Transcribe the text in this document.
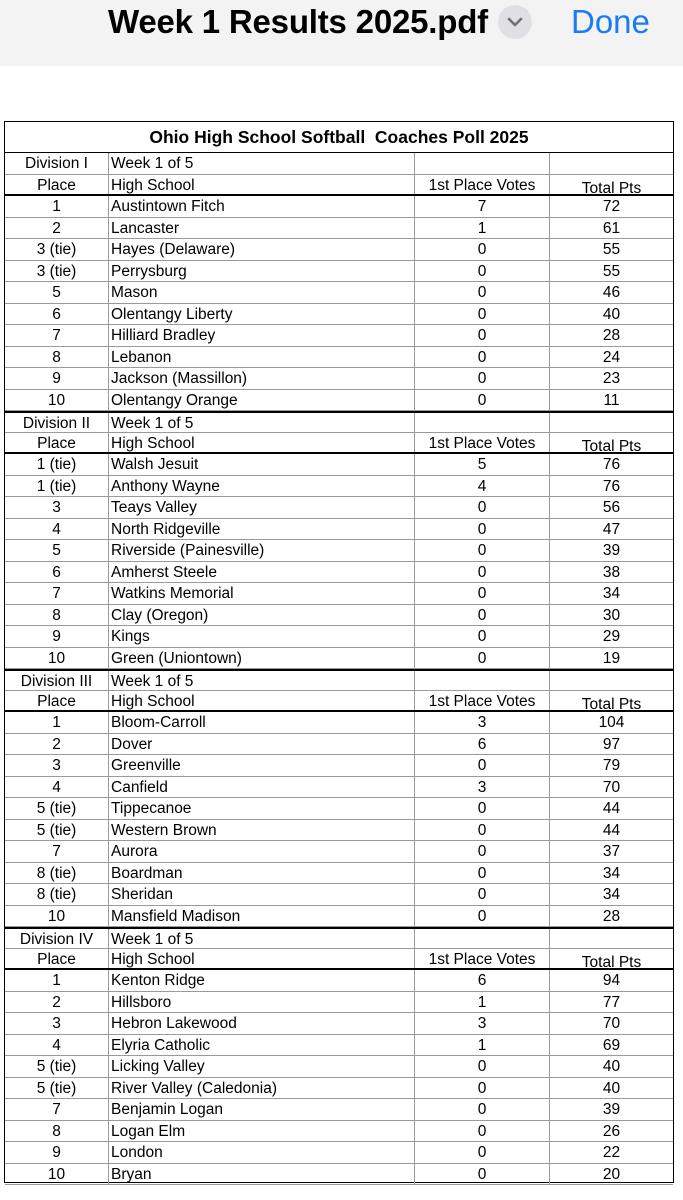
Week 1 Results 2025.pdf	Done
Ohio High School Softball  Coaches Poll 2025
Division I	Week 1 of 5
Place	High School	1st Place Votes	Total Pts
1	Austintown Fitch	7	72
2	Lancaster	1	61
3 (tie)	Hayes (Delaware)	0	55
3 (tie)	Perrysburg	0	55
5	Mason	0	46
6	Olentangy Liberty	0	40
7	Hilliard Bradley	0	28
8	Lebanon	0	24
9	Jackson (Massillon)	0	23
10	Olentangy Orange	0	11
Division II	Week 1 of 5
Place	High School	1st Place Votes	Total Pts
1 (tie)	Walsh Jesuit	5	76
1 (tie)	Anthony Wayne	4	76
3	Teays Valley	0	56
4	North Ridgeville	0	47
5	Riverside (Painesville)	0	39
6	Amherst Steele	0	38
7	Watkins Memorial	0	34
8	Clay (Oregon)	0	30
9	Kings	0	29
10	Green (Uniontown)	0	19
Division III	Week 1 of 5
Place	High School	1st Place Votes	Total Pts
1	Bloom-Carroll	3	104
2	Dover	6	97
3	Greenville	0	79
4	Canfield	3	70
5 (tie)	Tippecanoe	0	44
5 (tie)	Western Brown	0	44
7	Aurora	0	37
8 (tie)	Boardman	0	34
8 (tie)	Sheridan	0	34
10	Mansfield Madison	0	28
Division IV	Week 1 of 5
Place	High School	1st Place Votes	Total Pts
1	Kenton Ridge	6	94
2	Hillsboro	1	77
3	Hebron Lakewood	3	70
4	Elyria Catholic	1	69
5 (tie)	Licking Valley	0	40
5 (tie)	River Valley (Caledonia)	0	40
7	Benjamin Logan	0	39
8	Logan Elm	0	26
9	London	0	22
10	Bryan	0	20
